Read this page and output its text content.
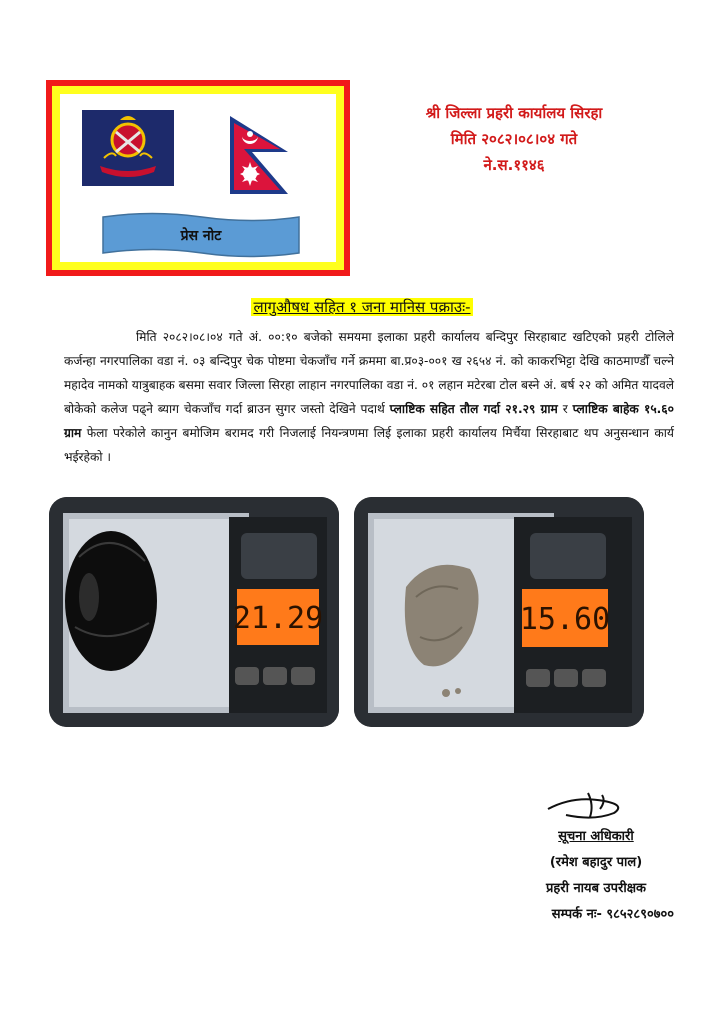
प्रेस नोट
श्री जिल्ला प्रहरी कार्यालय सिरहा
मिति २०८२।०८।०४ गते
ने.स.११४६
लागुऔषध सहित १ जना मानिस पक्राउः-

मिति २०८२।०८।०४ गते अं. ००:१० बजेको समयमा इलाका प्रहरी कार्यालय बन्दिपुर सिरहाबाट खटिएको प्रहरी टोलिले कर्जन्हा नगरपालिका वडा नं. ०३ बन्दिपुर चेक पोष्टमा चेकजाँच गर्ने क्रममा बा.प्र०३-००१ ख २६५४ नं. को काकरभिट्टा देखि काठमाण्डौँ चल्ने महादेव नामको यात्रुबाहक बसमा सवार जिल्ला सिरहा लाहान नगरपालिका वडा नं. ०१ लहान मटेरबा टोल बस्ने अं. बर्ष २२ को अमित यादवले बोकेको कलेज पढ्ने ब्याग चेकजाँच गर्दा ब्राउन सुगर जस्तो देखिने पदार्थ प्लाष्टिक सहित तौल गर्दा २१.२९ ग्राम र प्लाष्टिक बाहेक १५.६० ग्राम फेला परेकोले कानुन बमोजिम बरामद गरी निजलाई नियन्त्रणमा लिई इलाका प्रहरी कार्यालय मिर्चैया सिरहाबाट थप अनुसन्धान कार्य भईरहेको ।

21.29	15.60
सूचना अधिकारी
(रमेश बहादुर पाल)
प्रहरी नायब उपरीक्षक
सम्पर्क नः- ९८५२८९०७००
